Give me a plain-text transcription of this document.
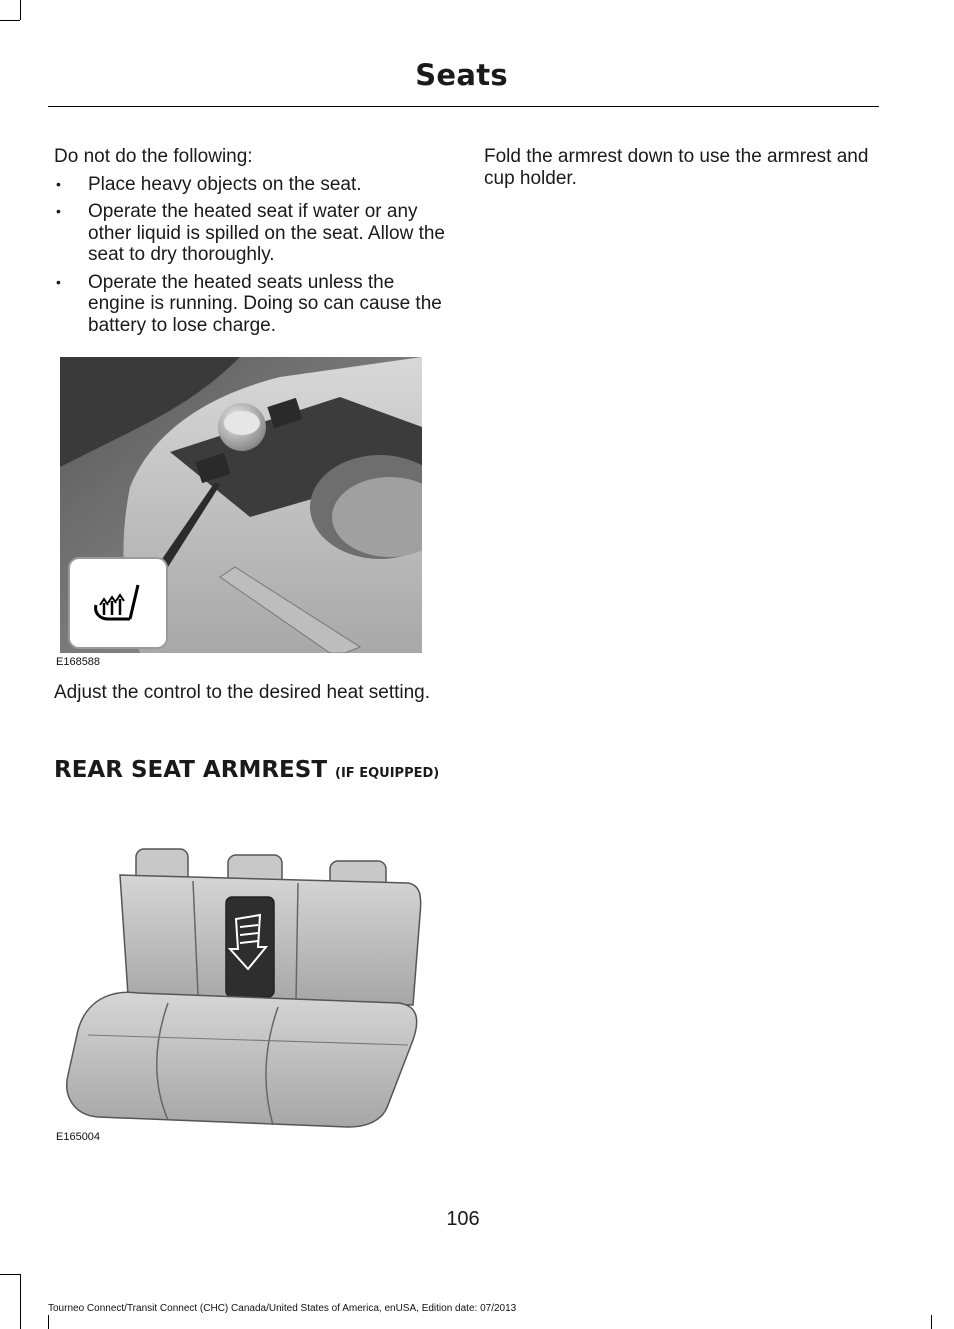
Seats

Do not do the following:

• Place heavy objects on the seat.
• Operate the heated seat if water or any other liquid is spilled on the seat. Allow the seat to dry thoroughly.
• Operate the heated seats unless the engine is running. Doing so can cause the battery to lose charge.
E168588

Adjust the control to the desired heat setting.

REAR SEAT ARMREST (IF EQUIPPED)
E165004

Fold the armrest down to use the armrest and cup holder.

106
Tourneo Connect/Transit Connect (CHC) Canada/United States of America, enUSA, Edition date: 07/2013
